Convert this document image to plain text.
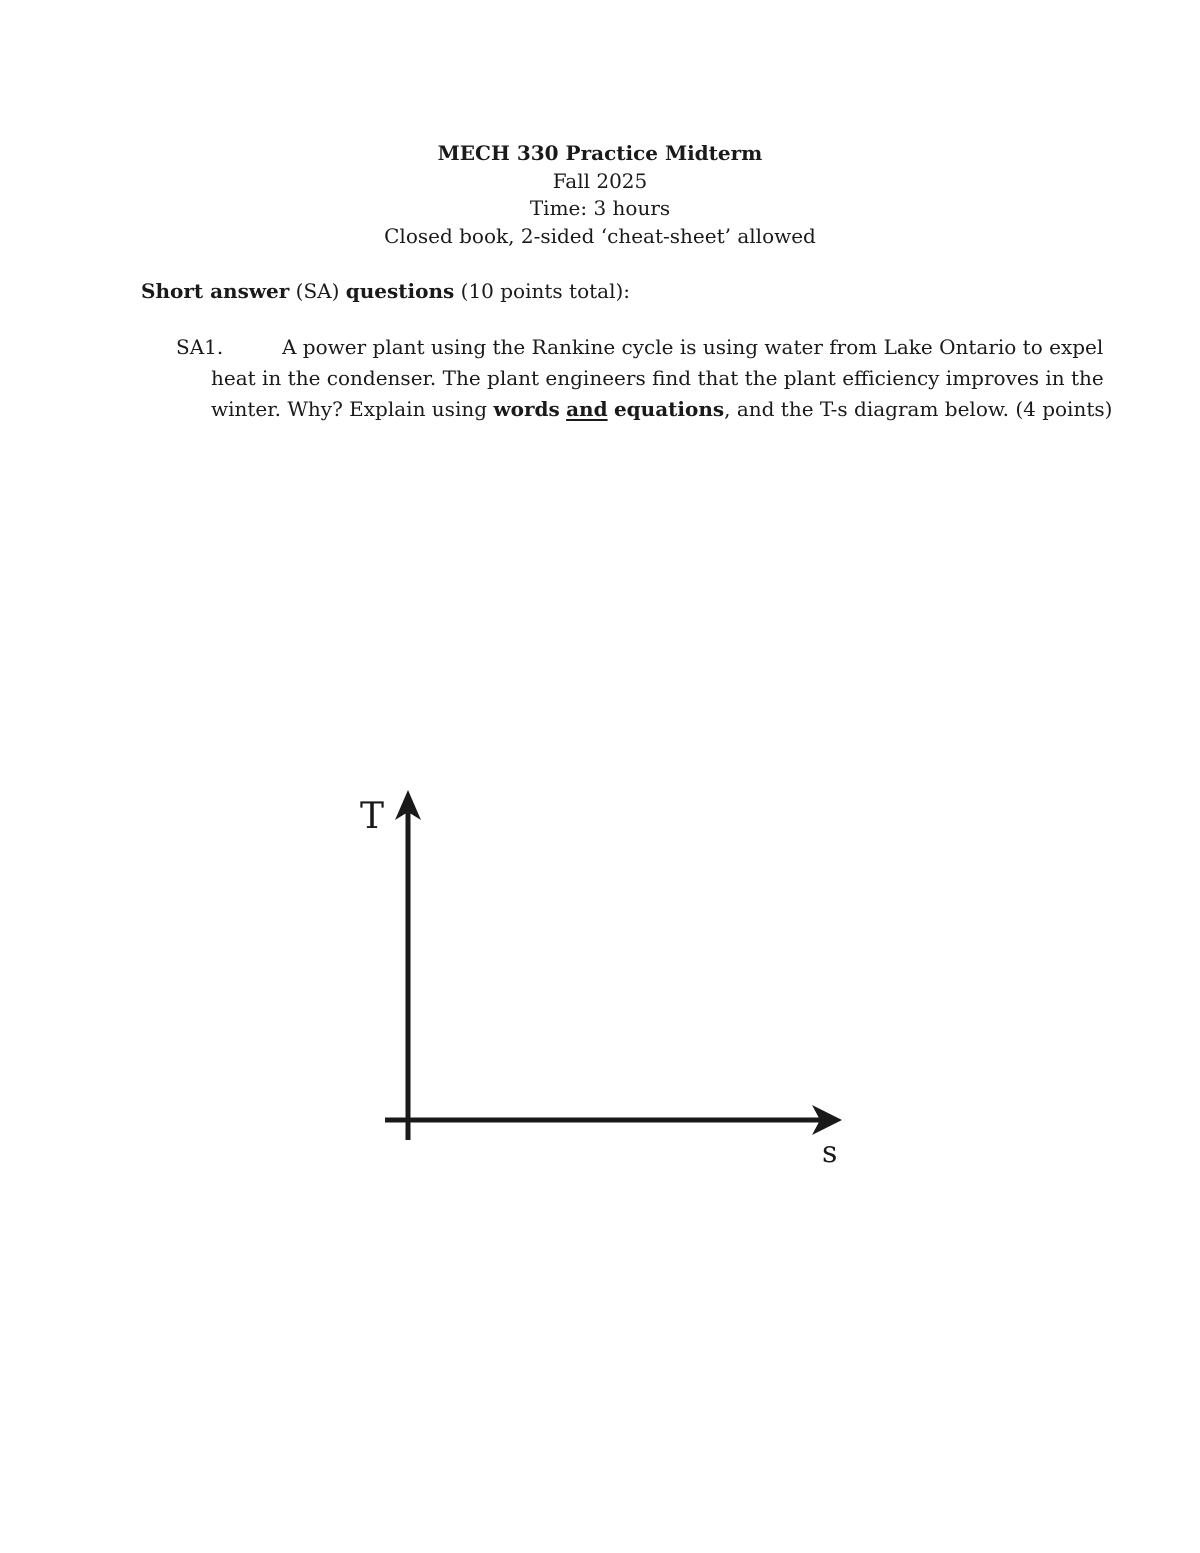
MECH 330 Practice Midterm
Fall 2025
Time: 3 hours
Closed book, 2-sided ‘cheat-sheet’ allowed
Short answer (SA) questions (10 points total):
SA1.	A power plant using the Rankine cycle is using water from Lake Ontario to expel
heat in the condenser. The plant engineers find that the plant efficiency improves in the
winter. Why? Explain using words and equations, and the T-s diagram below. (4 points)
T
s
